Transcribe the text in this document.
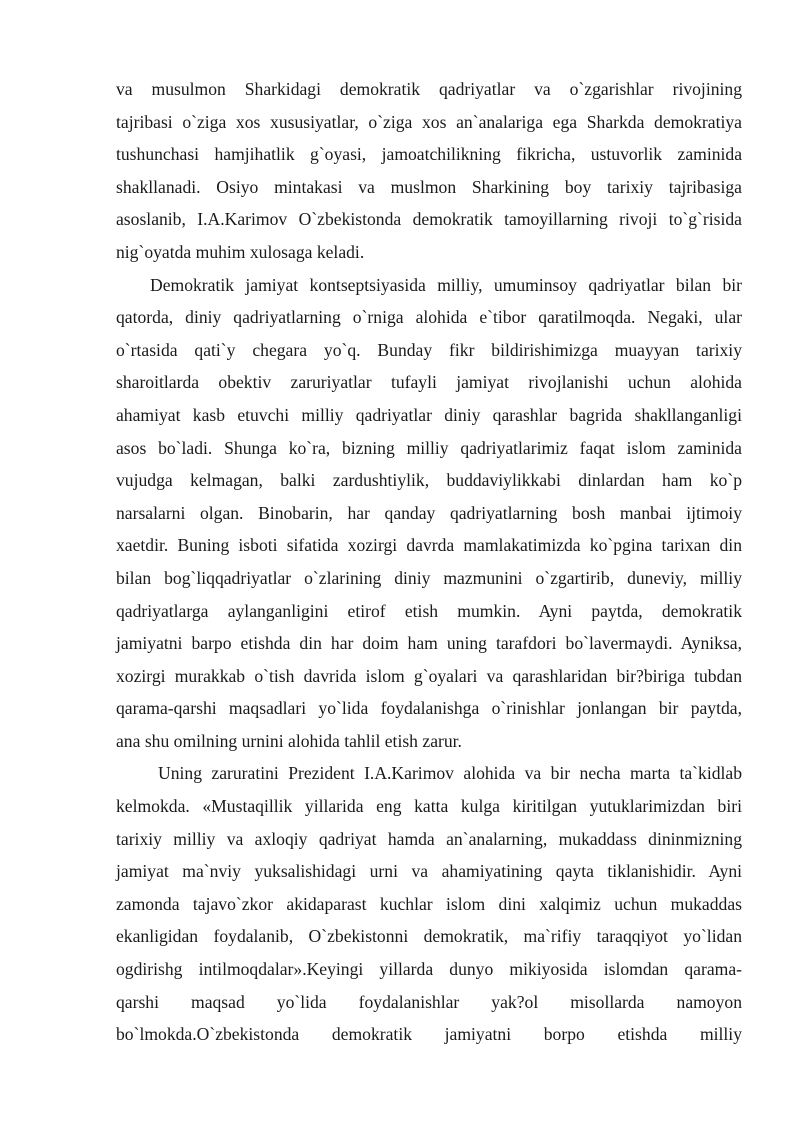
va musulmon Sharkidagi demokratik qadriyatlar va o`zgarishlar rivojining
tajribasi o`ziga xos xususiyatlar, o`ziga xos an`analariga ega Sharkda demokratiya
tushunchasi hamjihatlik g`oyasi, jamoatchilikning fikricha, ustuvorlik zaminida
shakllanadi. Osiyo mintakasi va muslmon Sharkining boy tarixiy tajribasiga
asoslanib, I.A.Karimov O`zbekistonda demokratik tamoyillarning rivoji to`g`risida
nig`oyatda muhim xulosaga keladi.
Demokratik jamiyat kontseptsiyasida milliy, umuminsoy qadriyatlar bilan bir
qatorda, diniy qadriyatlarning o`rniga alohida e`tibor qaratilmoqda. Negaki, ular
o`rtasida qati`y chegara yo`q. Bunday fikr bildirishimizga muayyan tarixiy
sharoitlarda obektiv zaruriyatlar tufayli jamiyat rivojlanishi uchun alohida
ahamiyat kasb etuvchi milliy qadriyatlar diniy qarashlar bagrida shakllanganligi
asos bo`ladi. Shunga ko`ra, bizning milliy qadriyatlarimiz faqat islom zaminida
vujudga kelmagan, balki zardushtiylik, buddaviylikkabi dinlardan ham ko`p
narsalarni olgan. Binobarin, har qanday qadriyatlarning bosh manbai ijtimoiy
xaetdir. Buning isboti sifatida xozirgi davrda mamlakatimizda ko`pgina tarixan din
bilan bog`liqqadriyatlar o`zlarining diniy mazmunini o`zgartirib, duneviy, milliy
qadriyatlarga aylanganligini etirof etish mumkin. Ayni paytda, demokratik
jamiyatni barpo etishda din har doim ham uning tarafdori bo`lavermaydi. Ayniksa,
xozirgi murakkab o`tish davrida islom g`oyalari va qarashlaridan bir?biriga tubdan
qarama-qarshi maqsadlari yo`lida foydalanishga o`rinishlar jonlangan bir paytda,
ana shu omilning urnini alohida tahlil etish zarur.
Uning zaruratini Prezident I.A.Karimov alohida va bir necha marta ta`kidlab
kelmokda. «Mustaqillik yillarida eng katta kulga kiritilgan yutuklarimizdan biri
tarixiy milliy va axloqiy qadriyat hamda an`analarning, mukaddass dininmizning
jamiyat ma`nviy yuksalishidagi urni va ahamiyatining qayta tiklanishidir. Ayni
zamonda tajavo`zkor akidaparast kuchlar islom dini xalqimiz uchun mukaddas
ekanligidan foydalanib, O`zbekistonni demokratik, ma`rifiy taraqqiyot yo`lidan
ogdirishg intilmoqdalar».Keyingi yillarda dunyo mikiyosida islomdan qarama-
qarshi maqsad yo`lida foydalanishlar yak?ol misollarda namoyon
bo`lmokda.O`zbekistonda demokratik jamiyatni borpo etishda milliy
